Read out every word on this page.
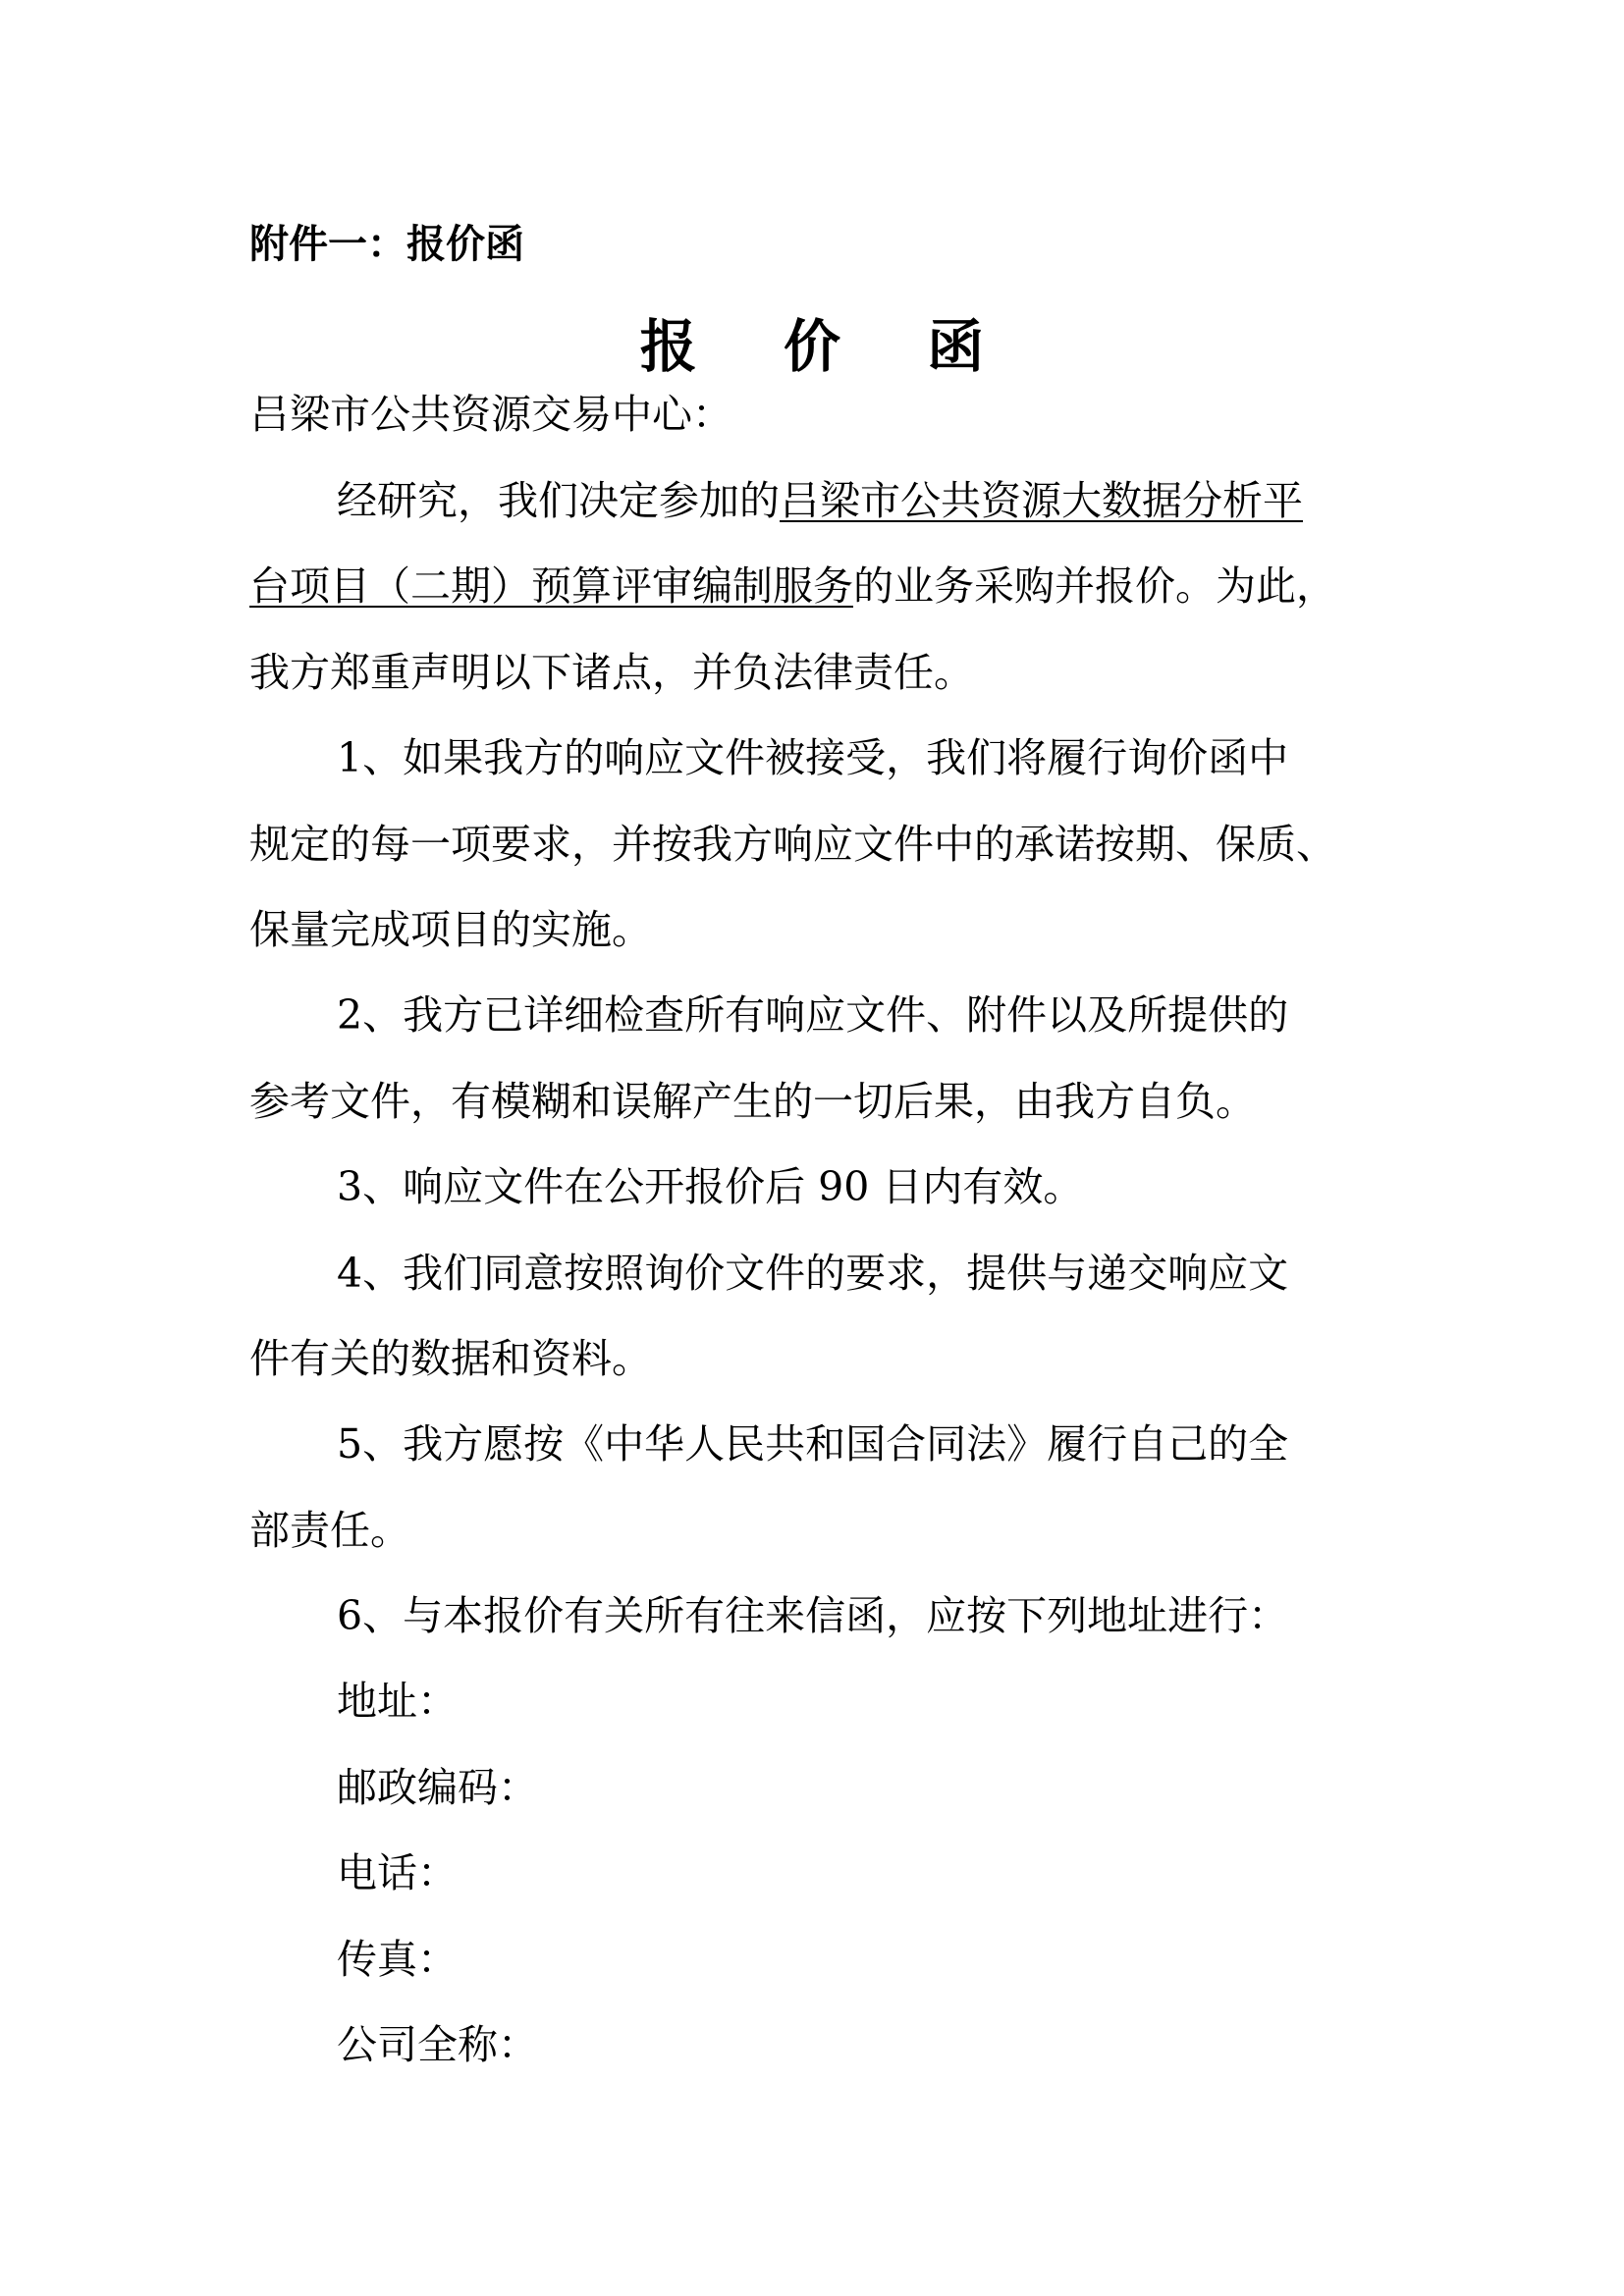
附件一：报价函
报 价 函
吕梁市公共资源交易中心：
经研究，我们决定参加的吕梁市公共资源大数据分析平
台项目（二期）预算评审编制服务的业务采购并报价。为此，
我方郑重声明以下诸点，并负法律责任。
1、如果我方的响应文件被接受，我们将履行询价函中
规定的每一项要求，并按我方响应文件中的承诺按期、保质、
保量完成项目的实施。
2、我方已详细检查所有响应文件、附件以及所提供的
参考文件，有模糊和误解产生的一切后果，由我方自负。
3、响应文件在公开报价后 90 日内有效。
4、我们同意按照询价文件的要求，提供与递交响应文
件有关的数据和资料。
5、我方愿按《中华人民共和国合同法》履行自己的全
部责任。
6、与本报价有关所有往来信函，应按下列地址进行：
地址：
邮政编码：
电话：
传真：
公司全称：
